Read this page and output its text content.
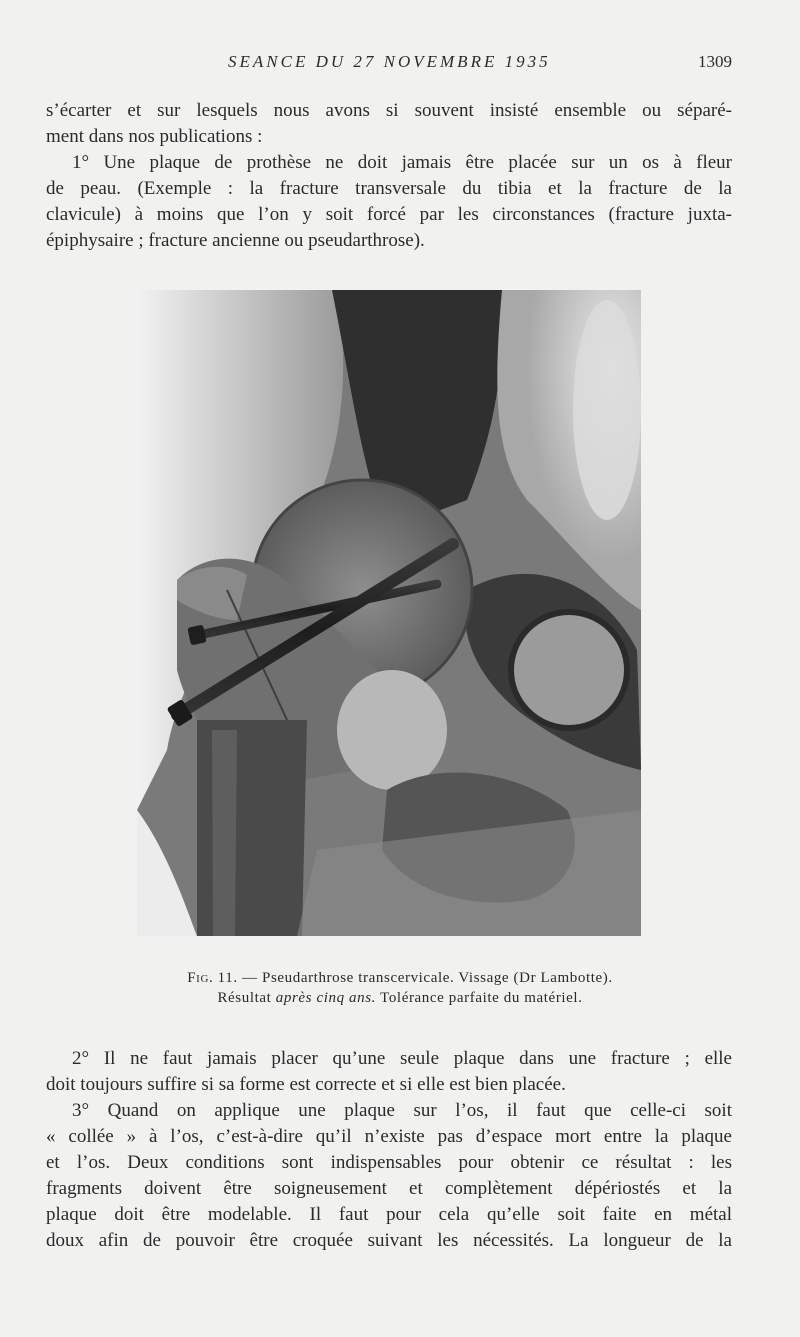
SEANCE DU 27 NOVEMBRE 1935	1309
s’écarter et sur lesquels nous avons si souvent insisté ensemble ou séparé-
ment dans nos publications :
1° Une plaque de prothèse ne doit jamais être placée sur un os à fleur
de peau. (Exemple : la fracture transversale du tibia et la fracture de la
clavicule) à moins que l’on y soit forcé par les circonstances (fracture juxta-
épiphysaire ; fracture ancienne ou pseudarthrose).
Fig. 11. — Pseudarthrose transcervicale. Vissage (Dr Lambotte).
Résultat après cinq ans. Tolérance parfaite du matériel.
2° Il ne faut jamais placer qu’une seule plaque dans une fracture ; elle
doit toujours suffire si sa forme est correcte et si elle est bien placée.
3° Quand on applique une plaque sur l’os, il faut que celle-ci soit
« collée » à l’os, c’est-à-dire qu’il n’existe pas d’espace mort entre la plaque
et l’os. Deux conditions sont indispensables pour obtenir ce résultat : les
fragments doivent être soigneusement et complètement dépériostés et la
plaque doit être modelable. Il faut pour cela qu’elle soit faite en métal
doux afin de pouvoir être croquée suivant les nécessités. La longueur de la
